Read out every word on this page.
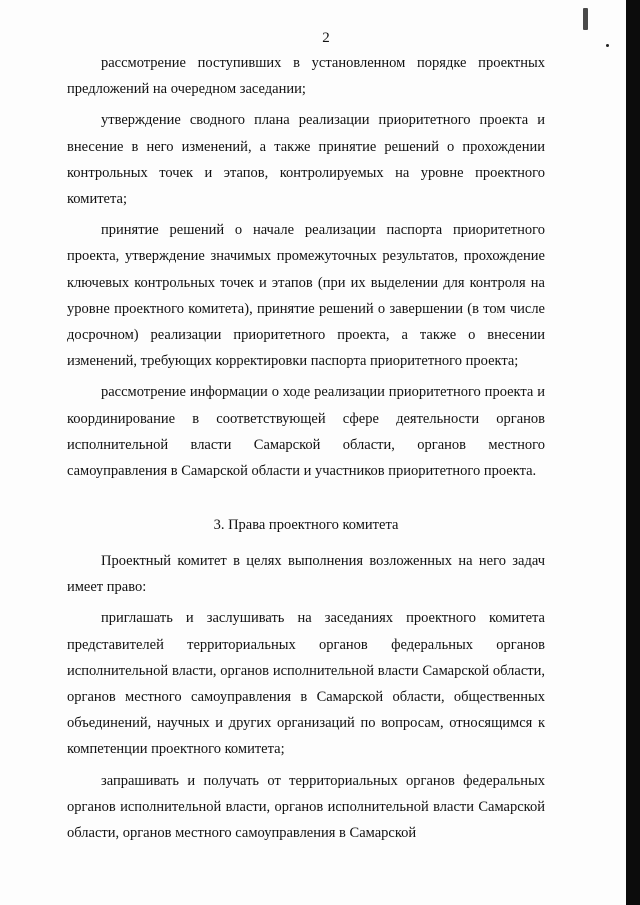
2

рассмотрение поступивших в установленном порядке проектных предложений на очередном заседании;

утверждение сводного плана реализации приоритетного проекта и внесение в него изменений, а также принятие решений о прохождении контрольных точек и этапов, контролируемых на уровне проектного комитета;

принятие решений о начале реализации паспорта приоритетного проекта, утверждение значимых промежуточных результатов, прохождение ключевых контрольных точек и этапов (при их выделении для контроля на уровне проектного комитета), принятие решений о завершении (в том числе досрочном) реализации приоритетного проекта, а также о внесении изменений, требующих корректировки паспорта приоритетного проекта;

рассмотрение информации о ходе реализации приоритетного проекта и координирование в соответствующей сфере деятельности органов исполнительной власти Самарской области, органов местного самоуправления в Самарской области и участников приоритетного проекта.

3. Права проектного комитета

Проектный комитет в целях выполнения возложенных на него задач имеет право:

приглашать и заслушивать на заседаниях проектного комитета представителей территориальных органов федеральных органов исполнительной власти, органов исполнительной власти Самарской области, органов местного самоуправления в Самарской области, общественных объединений, научных и других организаций по вопросам, относящимся к компетенции проектного комитета;

запрашивать и получать от территориальных органов федеральных органов исполнительной власти, органов исполнительной власти Самарской области, органов местного самоуправления в Самарской
